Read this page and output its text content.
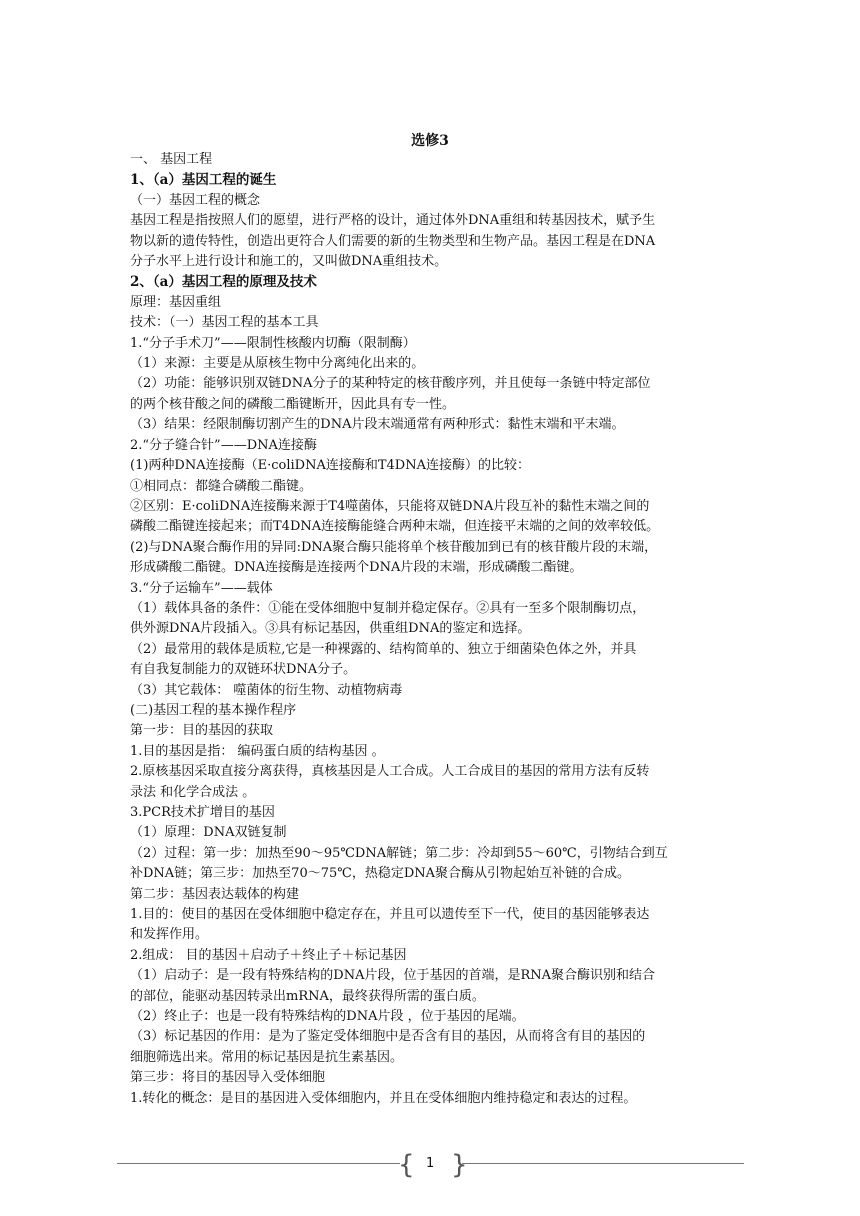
选修3
一、 基因工程
1、（a）基因工程的诞生
（一）基因工程的概念
基因工程是指按照人们的愿望，进行严格的设计，通过体外DNA重组和转基因技术，赋予生
物以新的遗传特性，创造出更符合人们需要的新的生物类型和生物产品。基因工程是在DNA
分子水平上进行设计和施工的，又叫做DNA重组技术。
2、（a）基因工程的原理及技术
原理：基因重组
技术：（一）基因工程的基本工具
1.“分子手术刀”——限制性核酸内切酶（限制酶）
（1）来源：主要是从原核生物中分离纯化出来的。
（2）功能：能够识别双链DNA分子的某种特定的核苷酸序列，并且使每一条链中特定部位
的两个核苷酸之间的磷酸二酯键断开，因此具有专一性。
（3）结果：经限制酶切割产生的DNA片段末端通常有两种形式：黏性末端和平末端。
2.“分子缝合针”——DNA连接酶
(1)两种DNA连接酶（E·coliDNA连接酶和T4DNA连接酶）的比较：
①相同点：都缝合磷酸二酯键。
②区别：E·coliDNA连接酶来源于T4噬菌体，只能将双链DNA片段互补的黏性末端之间的
磷酸二酯键连接起来；而T4DNA连接酶能缝合两种末端，但连接平末端的之间的效率较低。
(2)与DNA聚合酶作用的异同:DNA聚合酶只能将单个核苷酸加到已有的核苷酸片段的末端，
形成磷酸二酯键。DNA连接酶是连接两个DNA片段的末端，形成磷酸二酯键。
3.“分子运输车”——载体
（1）载体具备的条件：①能在受体细胞中复制并稳定保存。②具有一至多个限制酶切点，
供外源DNA片段插入。③具有标记基因，供重组DNA的鉴定和选择。
（2）最常用的载体是质粒,它是一种裸露的、结构简单的、独立于细菌染色体之外，并具
有自我复制能力的双链环状DNA分子。
（3）其它载体： 噬菌体的衍生物、动植物病毒
(二)基因工程的基本操作程序
第一步：目的基因的获取
1.目的基因是指： 编码蛋白质的结构基因 。
2.原核基因采取直接分离获得，真核基因是人工合成。人工合成目的基因的常用方法有反转
录法 和化学合成法 。
3.PCR技术扩增目的基因
（1）原理：DNA双链复制
（2）过程：第一步：加热至90～95℃DNA解链；第二步：冷却到55～60℃，引物结合到互
补DNA链；第三步：加热至70～75℃，热稳定DNA聚合酶从引物起始互补链的合成。
第二步：基因表达载体的构建
1.目的：使目的基因在受体细胞中稳定存在，并且可以遗传至下一代，使目的基因能够表达
和发挥作用。
2.组成： 目的基因＋启动子＋终止子＋标记基因
（1）启动子：是一段有特殊结构的DNA片段，位于基因的首端，是RNA聚合酶识别和结合
的部位，能驱动基因转录出mRNA，最终获得所需的蛋白质。
（2）终止子：也是一段有特殊结构的DNA片段 ，位于基因的尾端。
（3）标记基因的作用：是为了鉴定受体细胞中是否含有目的基因，从而将含有目的基因的
细胞筛选出来。常用的标记基因是抗生素基因。
第三步：将目的基因导入受体细胞
1.转化的概念：是目的基因进入受体细胞内，并且在受体细胞内维持稳定和表达的过程。
{ }
1
